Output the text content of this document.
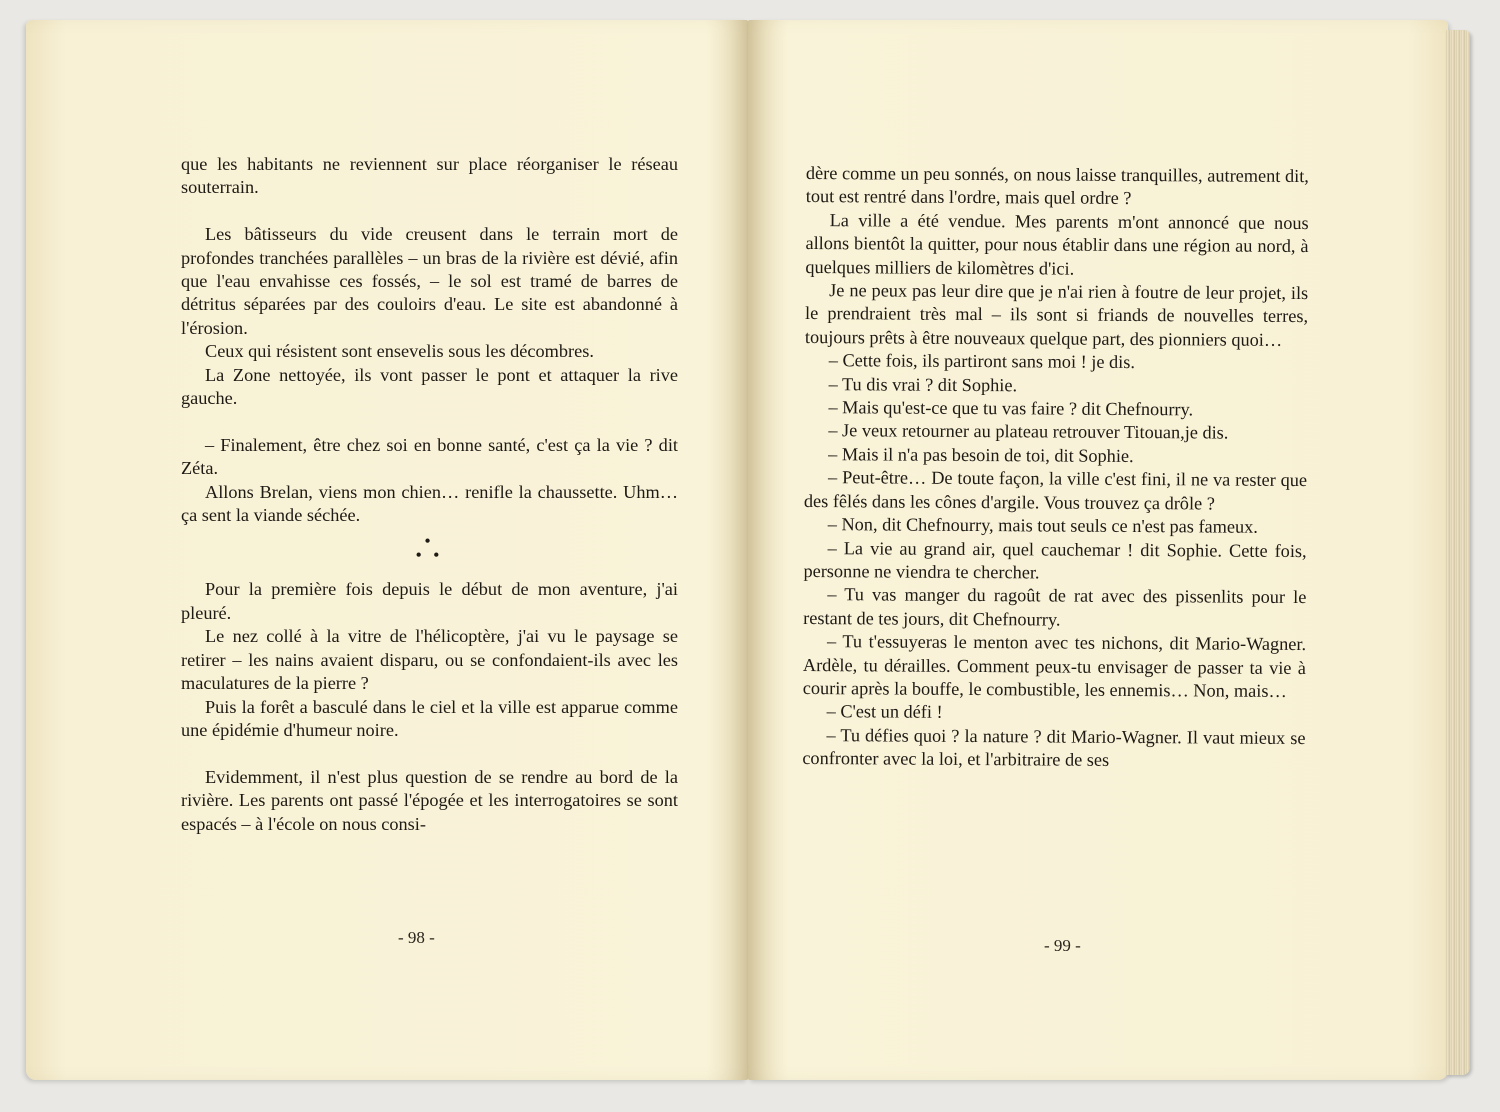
que les habitants ne reviennent sur place réorganiser le réseau souterrain.

Les bâtisseurs du vide creusent dans le terrain mort de profondes tranchées parallèles – un bras de la rivière est dévié, afin que l'eau envahisse ces fossés, – le sol est tramé de barres de détritus séparées par des couloirs d'eau. Le site est abandonné à l'érosion.

Ceux qui résistent sont ensevelis sous les décombres.

La Zone nettoyée, ils vont passer le pont et attaquer la rive gauche.

– Finalement, être chez soi en bonne santé, c'est ça la vie ? dit Zéta.

Allons Brelan, viens mon chien… renifle la chaussette. Uhm… ça sent la viande séchée.

•
• •

Pour la première fois depuis le début de mon aventure, j'ai pleuré.

Le nez collé à la vitre de l'hélicoptère, j'ai vu le paysage se retirer – les nains avaient disparu, ou se confondaient-ils avec les maculatures de la pierre ?

Puis la forêt a basculé dans le ciel et la ville est apparue comme une épidémie d'humeur noire.

Evidemment, il n'est plus question de se rendre au bord de la rivière. Les parents ont passé l'épogée et les interrogatoires se sont espacés – à l'école on nous consi-

- 98 -

dère comme un peu sonnés, on nous laisse tranquilles, autrement dit, tout est rentré dans l'ordre, mais quel ordre ?

La ville a été vendue. Mes parents m'ont annoncé que nous allons bientôt la quitter, pour nous établir dans une région au nord, à quelques milliers de kilomètres d'ici.

Je ne peux pas leur dire que je n'ai rien à foutre de leur projet, ils le prendraient très mal – ils sont si friands de nouvelles terres, toujours prêts à être nouveaux quelque part, des pionniers quoi…

– Cette fois, ils partiront sans moi ! je dis.

– Tu dis vrai ? dit Sophie.

– Mais qu'est-ce que tu vas faire ? dit Chefnourry.

– Je veux retourner au plateau retrouver Titouan,je dis.

– Mais il n'a pas besoin de toi, dit Sophie.

– Peut-être… De toute façon, la ville c'est fini, il ne va rester que des fêlés dans les cônes d'argile. Vous trouvez ça drôle ?

– Non, dit Chefnourry, mais tout seuls ce n'est pas fameux.

– La vie au grand air, quel cauchemar ! dit Sophie. Cette fois, personne ne viendra te chercher.

– Tu vas manger du ragoût de rat avec des pissenlits pour le restant de tes jours, dit Chefnourry.

– Tu t'essuyeras le menton avec tes nichons, dit Mario-Wagner. Ardèle, tu dérailles. Comment peux-tu envisager de passer ta vie à courir après la bouffe, le combustible, les ennemis… Non, mais…

– C'est un défi !

– Tu défies quoi ? la nature ? dit Mario-Wagner. Il vaut mieux se confronter avec la loi, et l'arbitraire de ses

- 99 -
